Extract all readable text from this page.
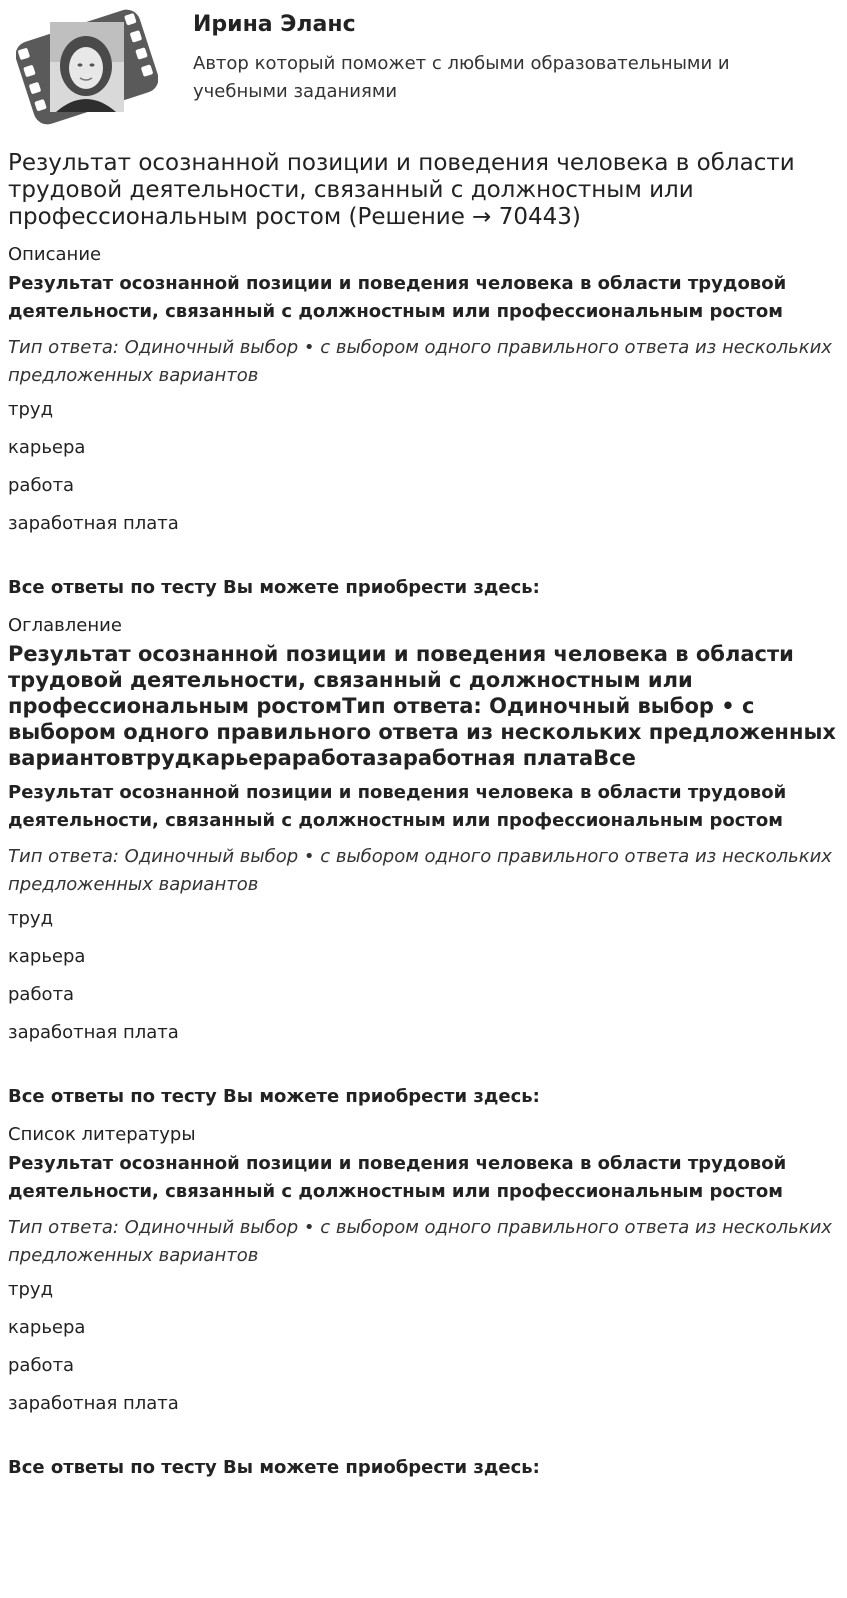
Ирина Эланс

Автор который поможет с любыми образовательными и учебными заданиями

Результат осознанной позиции и поведения человека в области трудовой деятельности, связанный с должностным или профессиональным ростом (Решение → 70443)
Описание

Результат осознанной позиции и поведения человека в области трудовой деятельности, связанный с должностным или профессиональным ростом

Тип ответа: Одиночный выбор • с выбором одного правильного ответа из нескольких предложенных вариантов

труд

карьера

работа

заработная плата

Все ответы по тесту Вы можете приобрести здесь:

Оглавление

Результат осознанной позиции и поведения человека в области трудовой деятельности, связанный с должностным или профессиональным ростомТип ответа: Одиночный выбор • с выбором одного правильного ответа из нескольких предложенных вариантовтрудкарьераработазаработная платаВсе

Результат осознанной позиции и поведения человека в области трудовой деятельности, связанный с должностным или профессиональным ростом

Тип ответа: Одиночный выбор • с выбором одного правильного ответа из нескольких предложенных вариантов

труд

карьера

работа

заработная плата

Все ответы по тесту Вы можете приобрести здесь:

Список литературы

Результат осознанной позиции и поведения человека в области трудовой деятельности, связанный с должностным или профессиональным ростом

Тип ответа: Одиночный выбор • с выбором одного правильного ответа из нескольких предложенных вариантов

труд

карьера

работа

заработная плата

Все ответы по тесту Вы можете приобрести здесь:
